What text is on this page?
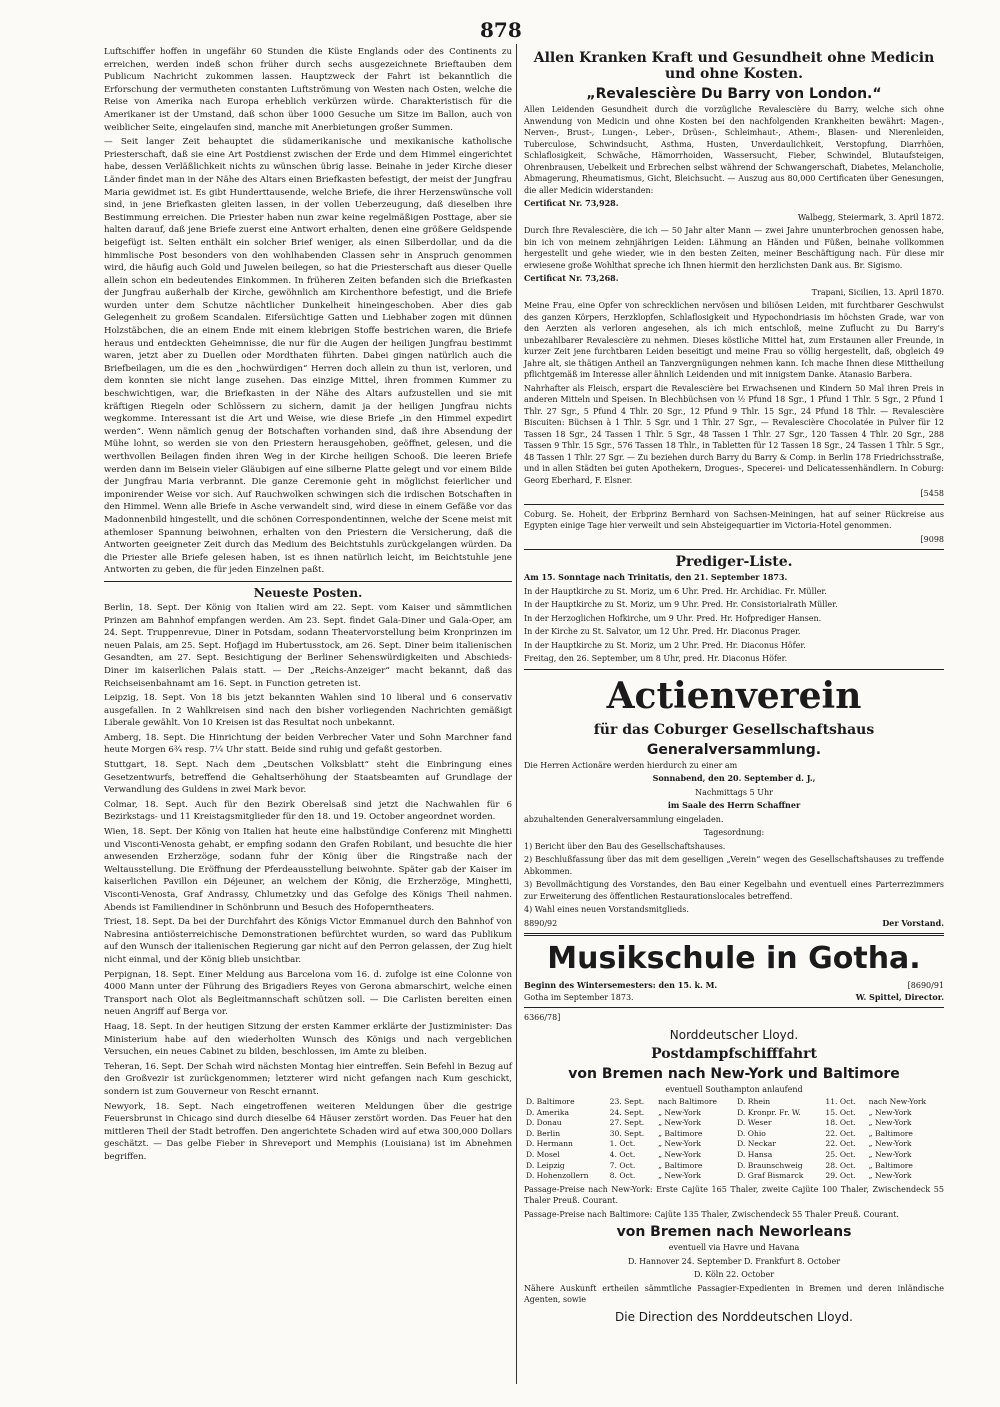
878

Luftschiffer hoffen in ungefähr 60 Stunden die Küste Englands oder des Continents zu erreichen, werden indeß schon früher durch sechs ausgezeichnete Brieftauben dem Publicum Nachricht zukommen lassen. Hauptzweck der Fahrt ist bekanntlich die Erforschung der vermutheten constanten Luftströmung von Westen nach Osten, welche die Reise von Amerika nach Europa erheblich verkürzen würde. Charakteristisch für die Amerikaner ist der Umstand, daß schon über 1000 Gesuche um Sitze im Ballon, auch von weiblicher Seite, eingelaufen sind, manche mit Anerbietungen großer Summen.

— Seit langer Zeit behauptet die südamerikanische und mexikanische katholische Priesterschaft, daß sie eine Art Postdienst zwischen der Erde und dem Himmel eingerichtet habe, dessen Verläßlichkeit nichts zu wünschen übrig lasse. Beinahe in jeder Kirche dieser Länder findet man in der Nähe des Altars einen Briefkasten befestigt, der meist der Jungfrau Maria gewidmet ist. Es gibt Hunderttausende, welche Briefe, die ihrer Herzenswünsche voll sind, in jene Briefkasten gleiten lassen, in der vollen Ueberzeugung, daß dieselben ihre Bestimmung erreichen. Die Priester haben nun zwar keine regelmäßigen Posttage, aber sie halten darauf, daß jene Briefe zuerst eine Antwort erhalten, denen eine größere Geldspende beigefügt ist. Selten enthält ein solcher Brief weniger, als einen Silberdollar, und da die himmlische Post besonders von den wohlhabenden Classen sehr in Anspruch genommen wird, die häufig auch Gold und Juwelen beilegen, so hat die Priesterschaft aus dieser Quelle allein schon ein bedeutendes Einkommen. In früheren Zeiten befanden sich die Briefkasten der Jungfrau außerhalb der Kirche, gewöhnlich am Kirchenthore befestigt, und die Briefe wurden unter dem Schutze nächtlicher Dunkelheit hineingeschoben. Aber dies gab Gelegenheit zu großem Scandalen. Eifersüchtige Gatten und Liebhaber zogen mit dünnen Holzstäbchen, die an einem Ende mit einem klebrigen Stoffe bestrichen waren, die Briefe heraus und entdeckten Geheimnisse, die nur für die Augen der heiligen Jungfrau bestimmt waren, jetzt aber zu Duellen oder Mordthaten führten. Dabei gingen natürlich auch die Briefbeilagen, um die es den „hochwürdigen“ Herren doch allein zu thun ist, verloren, und dem konnten sie nicht lange zusehen. Das einzige Mittel, ihren frommen Kummer zu beschwichtigen, war, die Briefkasten in der Nähe des Altars aufzustellen und sie mit kräftigen Riegeln oder Schlössern zu sichern, damit ja der heiligen Jungfrau nichts wegkomme. Interessant ist die Art und Weise, wie diese Briefe „in den Himmel expedirt werden“. Wenn nämlich genug der Botschaften vorhanden sind, daß ihre Absendung der Mühe lohnt, so werden sie von den Priestern herausgehoben, geöffnet, gelesen, und die werthvollen Beilagen finden ihren Weg in der Kirche heiligen Schooß. Die leeren Briefe werden dann im Beisein vieler Gläubigen auf eine silberne Platte gelegt und vor einem Bilde der Jungfrau Maria verbrannt. Die ganze Ceremonie geht in möglichst feierlicher und imponirender Weise vor sich. Auf Rauchwolken schwingen sich die irdischen Botschaften in den Himmel. Wenn alle Briefe in Asche verwandelt sind, wird diese in einem Gefäße vor das Madonnenbild hingestellt, und die schönen Correspondentinnen, welche der Scene meist mit athemloser Spannung beiwohnen, erhalten von den Priestern die Versicherung, daß die Antworten geeigneter Zeit durch das Medium des Beichtstuhls zurückgelangen würden. Da die Priester alle Briefe gelesen haben, ist es ihnen natürlich leicht, im Beichtstuhle jene Antworten zu geben, die für jeden Einzelnen paßt.

Neueste Posten.

Berlin, 18. Sept. Der König von Italien wird am 22. Sept. vom Kaiser und sämmtlichen Prinzen am Bahnhof empfangen werden. Am 23. Sept. findet Gala-Diner und Gala-Oper, am 24. Sept. Truppenrevue, Diner in Potsdam, sodann Theatervorstellung beim Kronprinzen im neuen Palais, am 25. Sept. Hofjagd im Hubertusstock, am 26. Sept. Diner beim italienischen Gesandten, am 27. Sept. Besichtigung der Berliner Sehenswürdigkeiten und Abschieds-Diner im kaiserlichen Palais statt. — Der „Reichs-Anzeiger“ macht bekannt, daß das Reichseisenbahnamt am 16. Sept. in Function getreten ist.

Leipzig, 18. Sept. Von 18 bis jetzt bekannten Wahlen sind 10 liberal und 6 conservativ ausgefallen. In 2 Wahlkreisen sind nach den bisher vorliegenden Nachrichten gemäßigt Liberale gewählt. Von 10 Kreisen ist das Resultat noch unbekannt.

Amberg, 18. Sept. Die Hinrichtung der beiden Verbrecher Vater und Sohn Marchner fand heute Morgen 6¾ resp. 7¼ Uhr statt. Beide sind ruhig und gefaßt gestorben.

Stuttgart, 18. Sept. Nach dem „Deutschen Volksblatt“ steht die Einbringung eines Gesetzentwurfs, betreffend die Gehaltserhöhung der Staatsbeamten auf Grundlage der Verwandlung des Guldens in zwei Mark bevor.

Colmar, 18. Sept. Auch für den Bezirk Oberelsaß sind jetzt die Nachwahlen für 6 Bezirkstags- und 11 Kreistagsmitglieder für den 18. und 19. October angeordnet worden.

Wien, 18. Sept. Der König von Italien hat heute eine halbstündige Conferenz mit Minghetti und Visconti-Venosta gehabt, er empfing sodann den Grafen Robilant, und besuchte die hier anwesenden Erzherzöge, sodann fuhr der König über die Ringstraße nach der Weltausstellung. Die Eröffnung der Pferdeausstellung beiwohnte. Später gab der Kaiser im kaiserlichen Pavillon ein Déjeuner, an welchem der König, die Erzherzöge, Minghetti, Visconti-Venosta, Graf Andrassy, Chlumetzky und das Gefolge des Königs Theil nahmen. Abends ist Familiendiner in Schönbrunn und Besuch des Hofoperntheaters.

Triest, 18. Sept. Da bei der Durchfahrt des Königs Victor Emmanuel durch den Bahnhof von Nabresina antiösterreichische Demonstrationen befürchtet wurden, so ward das Publikum auf den Wunsch der italienischen Regierung gar nicht auf den Perron gelassen, der Zug hielt nicht einmal, und der König blieb unsichtbar.

Perpignan, 18. Sept. Einer Meldung aus Barcelona vom 16. d. zufolge ist eine Colonne von 4000 Mann unter der Führung des Brigadiers Reyes von Gerona abmarschirt, welche einen Transport nach Olot als Begleitmannschaft schützen soll. — Die Carlisten bereiten einen neuen Angriff auf Berga vor.

Haag, 18. Sept. In der heutigen Sitzung der ersten Kammer erklärte der Justizminister: Das Ministerium habe auf den wiederholten Wunsch des Königs und nach vergeblichen Versuchen, ein neues Cabinet zu bilden, beschlossen, im Amte zu bleiben.

Teheran, 16. Sept. Der Schah wird nächsten Montag hier eintreffen. Sein Befehl in Bezug auf den Großvezir ist zurückgenommen; letzterer wird nicht gefangen nach Kum geschickt, sondern ist zum Gouverneur von Rescht ernannt.

Newyork, 18. Sept. Nach eingetroffenen weiteren Meldungen über die gestrige Feuersbrunst in Chicago sind durch dieselbe 64 Häuser zerstört worden. Das Feuer hat den mittleren Theil der Stadt betroffen. Den angerichtete Schaden wird auf etwa 300,000 Dollars geschätzt. — Das gelbe Fieber in Shreveport und Memphis (Louisiana) ist im Abnehmen begriffen.

Allen Kranken Kraft und Gesundheit ohne Medicin und ohne Kosten.
„Revalescière Du Barry von London.“

Allen Leidenden Gesundheit durch die vorzügliche Revalescière du Barry, welche sich ohne Anwendung von Medicin und ohne Kosten bei den nachfolgenden Krankheiten bewährt: Magen-, Nerven-, Brust-, Lungen-, Leber-, Drüsen-, Schleimhaut-, Athem-, Blasen- und Nierenleiden, Tuberculose, Schwindsucht, Asthma, Husten, Unverdaulichkeit, Verstopfung, Diarrhöen, Schlaflosigkeit, Schwäche, Hämorrhoiden, Wassersucht, Fieber, Schwindel, Blutaufsteigen, Ohrenbrausen, Uebelkeit und Erbrechen selbst während der Schwangerschaft, Diabetes, Melancholie, Abmagerung, Rheumatismus, Gicht, Bleichsucht. — Auszug aus 80,000 Certificaten über Genesungen, die aller Medicin widerstanden:

Certificat Nr. 73,928.

Walbegg, Steiermark, 3. April 1872.

Durch Ihre Revalescière, die ich — 50 Jahr alter Mann — zwei Jahre ununterbrochen genossen habe, bin ich von meinem zehnjährigen Leiden: Lähmung an Händen und Füßen, beinahe vollkommen hergestellt und gehe wieder, wie in den besten Zeiten, meiner Beschäftigung nach. Für diese mir erwiesene große Wohlthat spreche ich Ihnen hiermit den herzlichsten Dank aus. Br. Sigismo.

Certificat Nr. 73,268.

Trapani, Sicilien, 13. April 1870.

Meine Frau, eine Opfer von schrecklichen nervösen und biliösen Leiden, mit furchtbarer Geschwulst des ganzen Körpers, Herzklopfen, Schlaflosigkeit und Hypochondriasis im höchsten Grade, war von den Aerzten als verloren angesehen, als ich mich entschloß, meine Zuflucht zu Du Barry's unbezahlbarer Revalescière zu nehmen. Dieses köstliche Mittel hat, zum Erstaunen aller Freunde, in kurzer Zeit jene furchtbaren Leiden beseitigt und meine Frau so völlig hergestellt, daß, obgleich 49 Jahre alt, sie thätigen Antheil an Tanzvergnügungen nehmen kann. Ich mache Ihnen diese Mittheilung pflichtgemäß im Interesse aller ähnlich Leidenden und mit innigstem Danke. Atanasio Barbera.

Nahrhafter als Fleisch, erspart die Revalescière bei Erwachsenen und Kindern 50 Mal ihren Preis in anderen Mitteln und Speisen. In Blechbüchsen von ½ Pfund 18 Sgr., 1 Pfund 1 Thlr. 5 Sgr., 2 Pfund 1 Thlr. 27 Sgr., 5 Pfund 4 Thlr. 20 Sgr., 12 Pfund 9 Thlr. 15 Sgr., 24 Pfund 18 Thlr. — Revalescière Biscuiten: Büchsen à 1 Thlr. 5 Sgr. und 1 Thlr. 27 Sgr., — Revalescière Chocolatée in Pulver für 12 Tassen 18 Sgr., 24 Tassen 1 Thlr. 5 Sgr., 48 Tassen 1 Thlr. 27 Sgr., 120 Tassen 4 Thlr. 20 Sgr., 288 Tassen 9 Thlr. 15 Sgr., 576 Tassen 18 Thlr., in Tabletten für 12 Tassen 18 Sgr., 24 Tassen 1 Thlr. 5 Sgr., 48 Tassen 1 Thlr. 27 Sgr. — Zu beziehen durch Barry du Barry & Comp. in Berlin 178 Friedrichsstraße, und in allen Städten bei guten Apothekern, Drogues-, Specerei- und Delicatessenhändlern. In Coburg: Georg Eberhard, F. Elsner.

[5458

Coburg. Se. Hoheit, der Erbprinz Bernhard von Sachsen-Meiningen, hat auf seiner Rückreise aus Egypten einige Tage hier verweilt und sein Absteigequartier im Victoria-Hotel genommen.

[9098

Prediger-Liste.

Am 15. Sonntage nach Trinitatis, den 21. September 1873.

In der Hauptkirche zu St. Moriz, um 6 Uhr. Pred. Hr. Archidiac. Fr. Müller.

In der Hauptkirche zu St. Moriz, um 9 Uhr. Pred. Hr. Consistorialrath Müller.

In der Herzoglichen Hofkirche, um 9 Uhr. Pred. Hr. Hofprediger Hansen.

In der Kirche zu St. Salvator, um 12 Uhr. Pred. Hr. Diaconus Prager.

In der Hauptkirche zu St. Moriz, um 2 Uhr. Pred. Hr. Diaconus Höfer.

Freitag, den 26. September, um 8 Uhr, pred. Hr. Diaconus Höfer.

Actienverein
für das Coburger Gesellschaftshaus
Generalversammlung.

Die Herren Actionäre werden hierdurch zu einer am

Sonnabend, den 20. September d. J.,

Nachmittags 5 Uhr

im Saale des Herrn Schaffner

abzuhaltenden Generalversammlung eingeladen.

Tagesordnung:

1) Bericht über den Bau des Gesellschaftshauses.

2) Beschlußfassung über das mit dem geselligen „Verein“ wegen des Gesellschaftshauses zu treffende Abkommen.

3) Bevollmächtigung des Vorstandes, den Bau einer Kegelbahn und eventuell eines Parterrezimmers zur Erweiterung des öffentlichen Restaurationslocales betreffend.

4) Wahl eines neuen Vorstandsmitglieds.

8890/92	Der Vorstand.
Musikschule in Gotha.
Beginn des Wintersemesters: den 15. k. M.	[8690/91
Gotha im September 1873.	W. Spittel, Director.
6366/78]
Norddeutscher Lloyd.
Postdampfschifffahrt
von Bremen nach New-York und Baltimore

eventuell Southampton anlaufend

D. Baltimore	23. Sept.	nach Baltimore	D. Rhein	11. Oct.	nach New-York
D. Amerika	24. Sept.	„ New-York	D. Kronpr. Fr. W.	15. Oct.	„ New-York
D. Donau	27. Sept.	„ New-York	D. Weser	18. Oct.	„ New-York
D. Berlin	30. Sept.	„ Baltimore	D. Ohio	22. Oct.	„ Baltimore
D. Hermann	1. Oct.	„ New-York	D. Neckar	22. Oct.	„ New-York
D. Mosel	4. Oct.	„ New-York	D. Hansa	25. Oct.	„ New-York
D. Leipzig	7. Oct.	„ Baltimore	D. Braunschweig	28. Oct.	„ Baltimore
D. Hohenzollern	8. Oct.	„ New-York	D. Graf Bismarck	29. Oct.	„ New-York

Passage-Preise nach New-York: Erste Cajüte 165 Thaler, zweite Cajüte 100 Thaler, Zwischendeck 55 Thaler Preuß. Courant.

Passage-Preise nach Baltimore: Cajüte 135 Thaler, Zwischendeck 55 Thaler Preuß. Courant.

von Bremen nach Neworleans

eventuell via Havre und Havana

D. Hannover 24. September D. Frankfurt 8. October

D. Köln 22. October

Nähere Auskunft ertheilen sämmtliche Passagier-Expedienten in Bremen und deren inländische Agenten, sowie

Die Direction des Norddeutschen Lloyd.
